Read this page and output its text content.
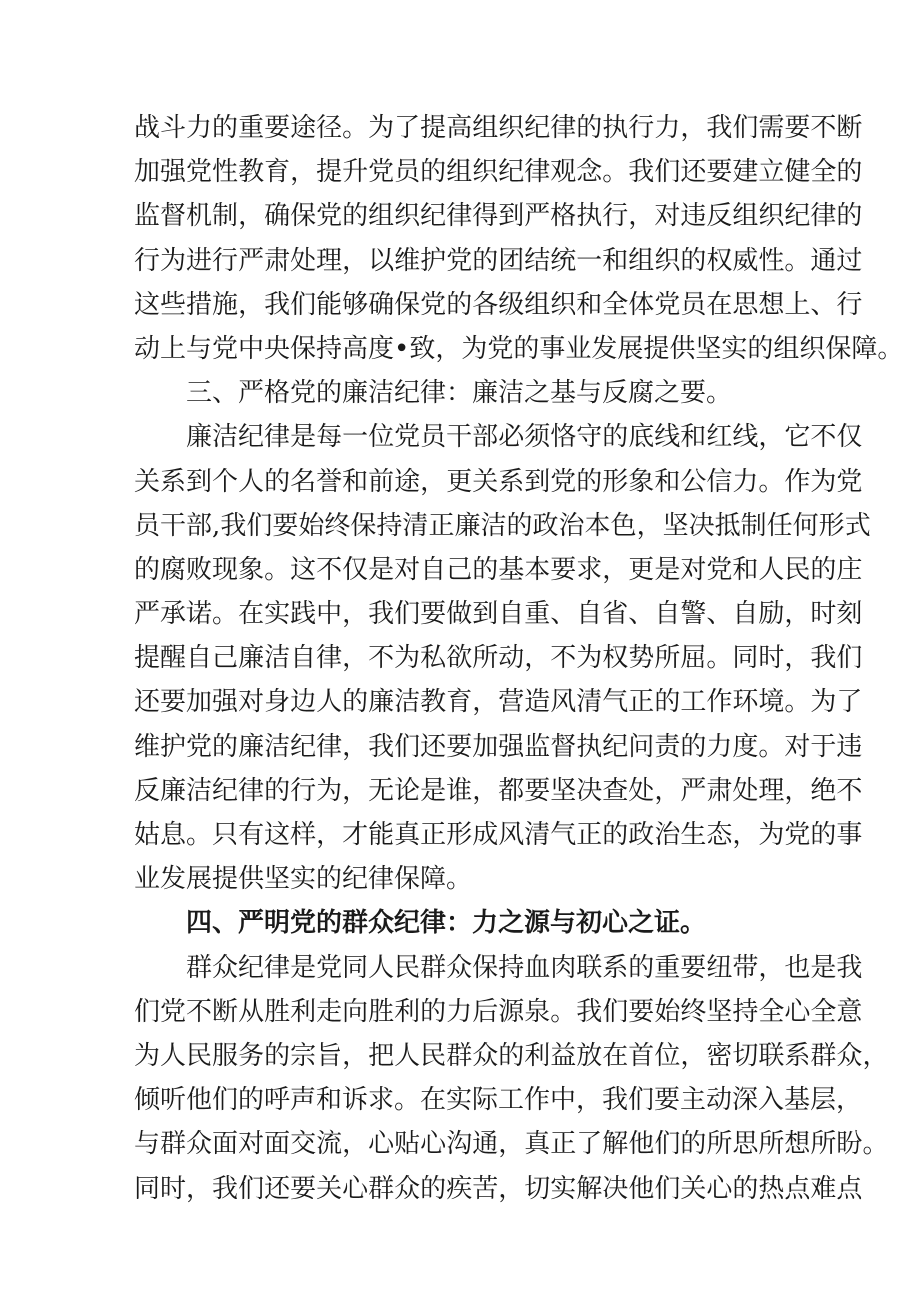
战 斗 力 的 重 要 途 径 。 为 了 提 高 组 织 纪 律 的 执 行 力 ， 我 们 需 要 不 断
加 强 党 性 教 育 ， 提 升 党 员 的 组 织 纪 律 观 念 。 我 们 还 要 建 立 健 全 的
监 督 机 制 ， 确 保 党 的 组 织 纪 律 得 到 严 格 执 行 ， 对 违 反 组 织 纪 律 的
行 为 进 行 严 肃 处 理 ， 以 维 护 党 的 团 结 统 一 和 组 织 的 权 威 性 。 通 过
这 些 措 施 ， 我 们 能 够 确 保 党 的 各 级 组 织 和 全 体 党 员 在 思 想 上 、 行
动上与党中央保持高度•致，为党的事业发展提供坚实的组织保障。
三、严格党的廉洁纪律：廉洁之基与反腐之要。
廉 洁 纪 律 是 每 一 位 党 员 干 部 必 须 恪 守 的 底 线 和 红 线 ， 它 不 仅
关 系 到 个 人 的 名 誉 和 前 途 ， 更 关 系 到 党 的 形 象 和 公 信 力 。 作 为 党
员 干 部 , 我 们 要 始 终 保 持 清 正 廉 洁 的 政 治 本 色 ， 坚 决 抵 制 任 何 形 式
的 腐 败 现 象 。 这 不 仅 是 对 自 己 的 基 本 要 求 ， 更 是 对 党 和 人 民 的 庄
严 承 诺 。 在 实 践 中 ， 我 们 要 做 到 自 重 、 自 省 、 自 警 、 自 励 ， 时 刻
提 醒 自 己 廉 洁 自 律 ， 不 为 私 欲 所 动 ， 不 为 权 势 所 屈 。 同 时 ， 我 们
还 要 加 强 对 身 边 人 的 廉 洁 教 育 ， 营 造 风 清 气 正 的 工 作 环 境 。 为 了
维 护 党 的 廉 洁 纪 律 ， 我 们 还 要 加 强 监 督 执 纪 问 责 的 力 度 。 对 于 违
反 廉 洁 纪 律 的 行 为 ， 无 论 是 谁 ， 都 要 坚 决 查 处 ， 严 肃 处 理 ， 绝 不
姑 息 。 只 有 这 样 ， 才 能 真 正 形 成 风 清 气 正 的 政 治 生 态 ， 为 党 的 事
业发展提供坚实的纪律保障。
四、严明党的群众纪律：力之源与初心之证。
群 众 纪 律 是 党 同 人 民 群 众 保 持 血 肉 联 系 的 重 要 纽 带 ， 也 是 我
们 党 不 断 从 胜 利 走 向 胜 利 的 力 后 源 泉 。 我 们 要 始 终 坚 持 全 心 全 意
为 人 民 服 务 的 宗 旨 ， 把 人 民 群 众 的 利 益 放 在 首 位 ， 密 切 联 系 群 众 ，
倾听他们的呼声和诉求。在实际工作中，我们要主动深入基层，
与 群 众 面 对 面 交 流 ， 心 贴 心 沟 通 ， 真 正 了 解 他 们 的 所 思 所 想 所 盼 。
同 时 ， 我 们 还 要 关 心 群 众 的 疾 苦 ， 切 实 解 决 他 们 关 心 的 热 点 难 点
